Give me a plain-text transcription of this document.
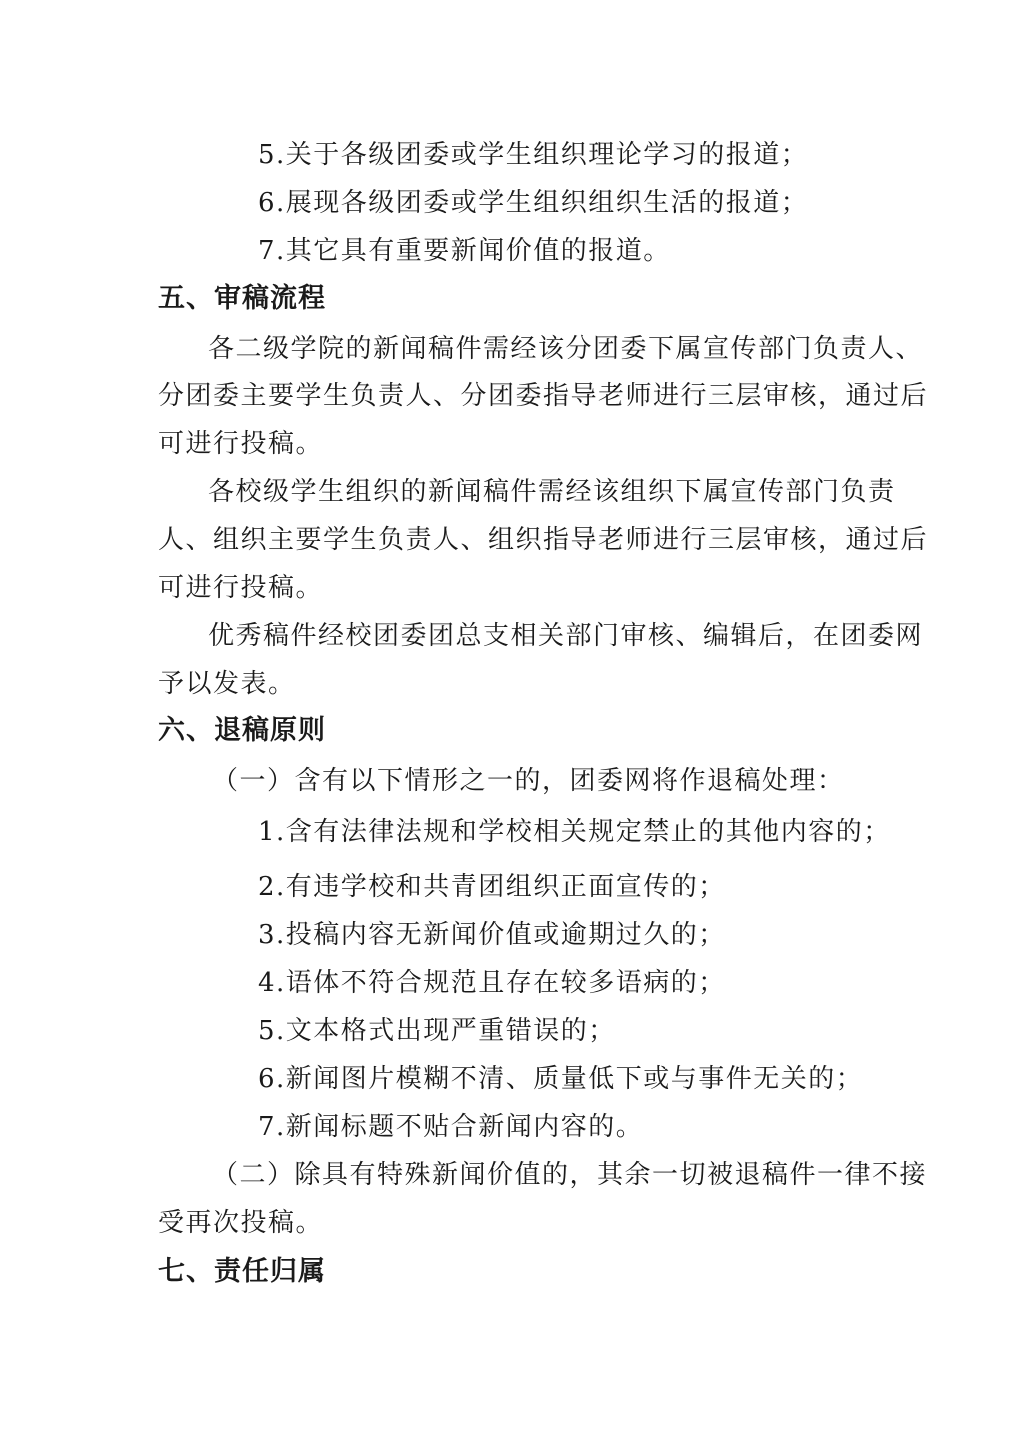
5.关于各级团委或学生组织理论学习的报道；
6.展现各级团委或学生组织组织生活的报道；
7.其它具有重要新闻价值的报道。
五、审稿流程
各二级学院的新闻稿件需经该分团委下属宣传部门负责人、
分团委主要学生负责人、分团委指导老师进行三层审核，通过后
可进行投稿。
各校级学生组织的新闻稿件需经该组织下属宣传部门负责
人、组织主要学生负责人、组织指导老师进行三层审核，通过后
可进行投稿。
优秀稿件经校团委团总支相关部门审核、编辑后，在团委网
予以发表。
六、退稿原则
（一）含有以下情形之一的，团委网将作退稿处理：
1.含有法律法规和学校相关规定禁止的其他内容的；
2.有违学校和共青团组织正面宣传的；
3.投稿内容无新闻价值或逾期过久的；
4.语体不符合规范且存在较多语病的；
5.文本格式出现严重错误的；
6.新闻图片模糊不清、质量低下或与事件无关的；
7.新闻标题不贴合新闻内容的。
（二）除具有特殊新闻价值的，其余一切被退稿件一律不接
受再次投稿。
七、责任归属
